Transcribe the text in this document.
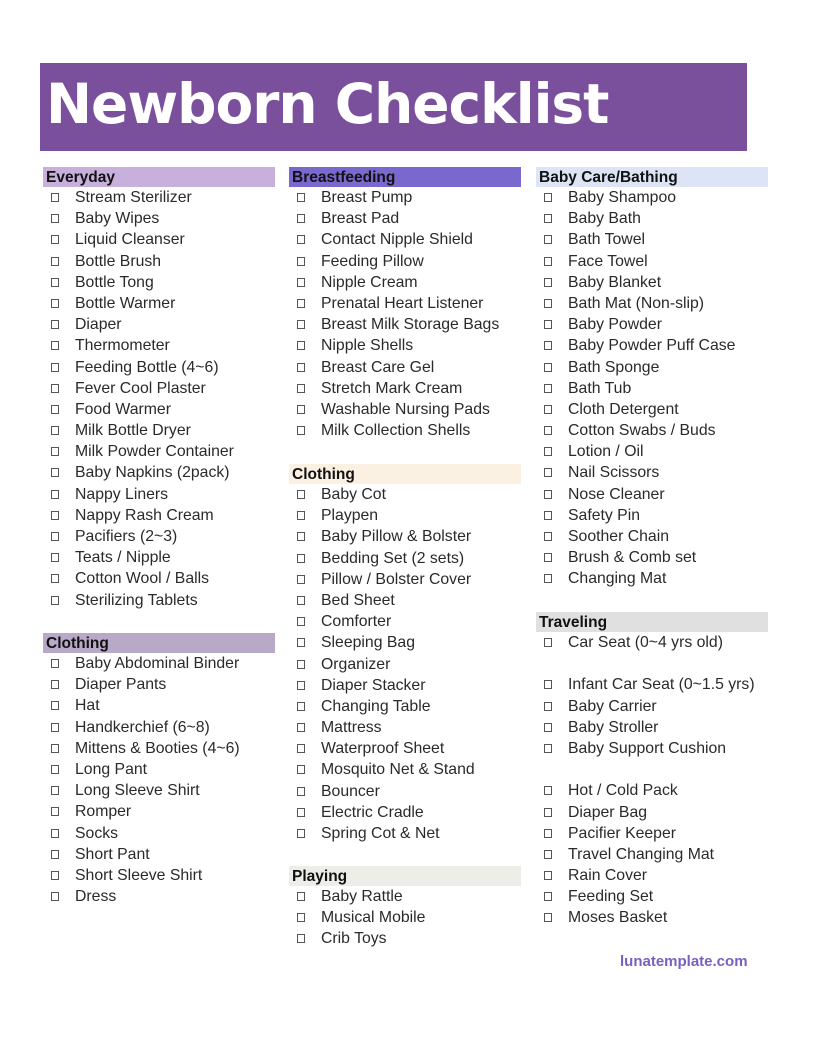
Newborn Checklist
Everyday
Stream Sterilizer
Baby Wipes
Liquid Cleanser
Bottle Brush
Bottle Tong
Bottle Warmer
Diaper
Thermometer
Feeding Bottle (4~6)
Fever Cool Plaster
Food Warmer
Milk Bottle Dryer
Milk Powder Container
Baby Napkins (2pack)
Nappy Liners
Nappy Rash Cream
Pacifiers (2~3)
Teats / Nipple
Cotton Wool / Balls
Sterilizing Tablets
Clothing
Baby Abdominal Binder
Diaper Pants
Hat
Handkerchief (6~8)
Mittens & Booties (4~6)
Long Pant
Long Sleeve Shirt
Romper
Socks
Short Pant
Short Sleeve Shirt
Dress
Breastfeeding
Breast Pump
Breast Pad
Contact Nipple Shield
Feeding Pillow
Nipple Cream
Prenatal Heart Listener
Breast Milk Storage Bags
Nipple Shells
Breast Care Gel
Stretch Mark Cream
Washable Nursing Pads
Milk Collection Shells
Clothing
Baby Cot
Playpen
Baby Pillow & Bolster
Bedding Set (2 sets)
Pillow / Bolster Cover
Bed Sheet
Comforter
Sleeping Bag
Organizer
Diaper Stacker
Changing Table
Mattress
Waterproof Sheet
Mosquito Net & Stand
Bouncer
Electric Cradle
Spring Cot & Net
Playing
Baby Rattle
Musical Mobile
Crib Toys
Baby Care/Bathing
Baby Shampoo
Baby Bath
Bath Towel
Face Towel
Baby Blanket
Bath Mat (Non-slip)
Baby Powder
Baby Powder Puff Case
Bath Sponge
Bath Tub
Cloth Detergent
Cotton Swabs / Buds
Lotion / Oil
Nail Scissors
Nose Cleaner
Safety Pin
Soother Chain
Brush & Comb set
Changing Mat
Traveling
Car Seat (0~4 yrs old)
Infant Car Seat (0~1.5 yrs)
Baby Carrier
Baby Stroller
Baby Support Cushion
Hot / Cold Pack
Diaper Bag
Pacifier Keeper
Travel Changing Mat
Rain Cover
Feeding Set
Moses Basket
lunatemplate.com
